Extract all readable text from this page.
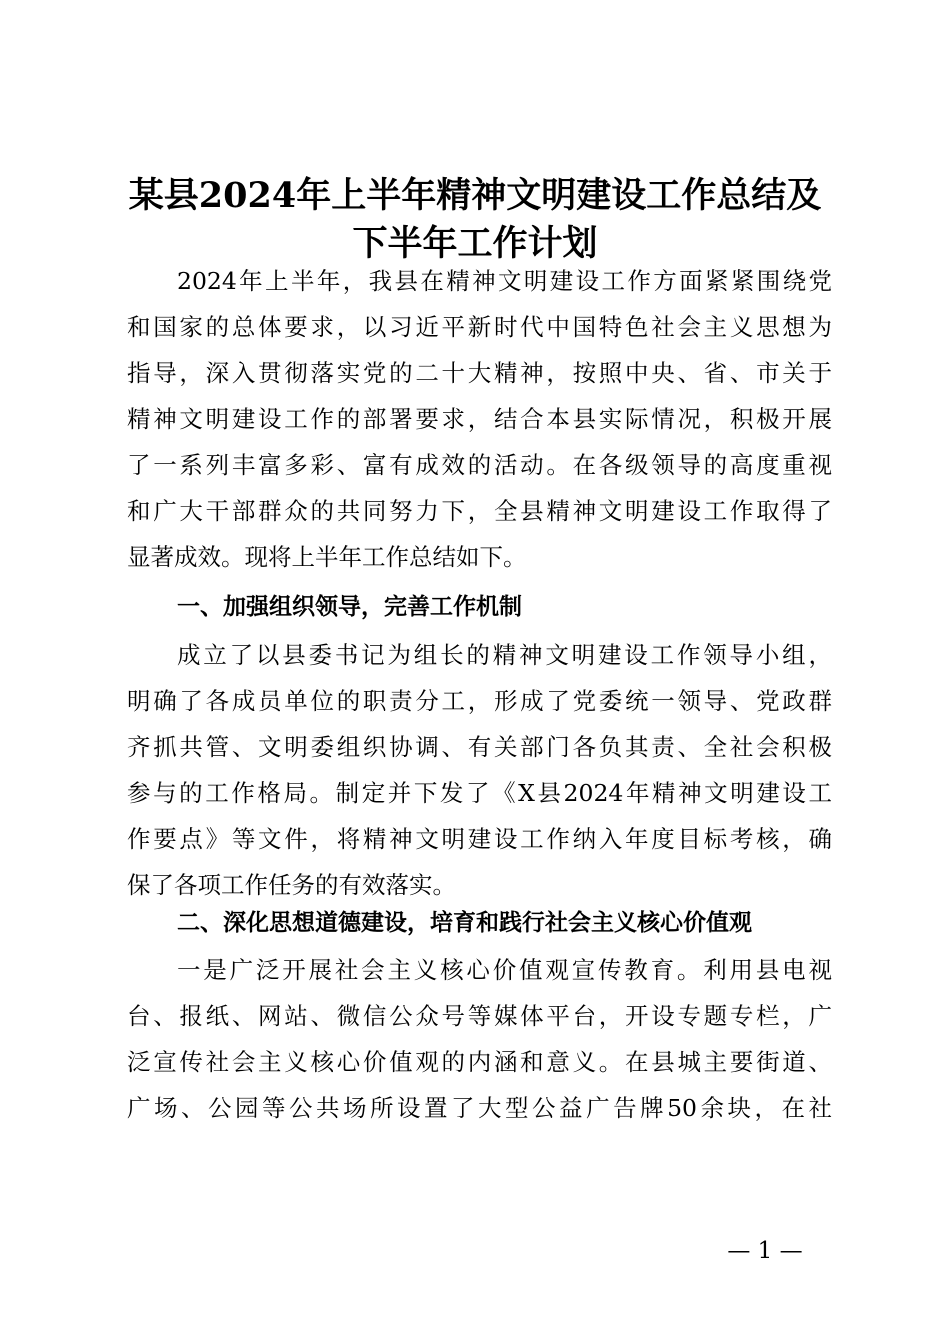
某县2024年上半年精神文明建设工作总结及
下半年工作计划
2024年上半年，我县在精神文明建设工作方面紧紧围绕党
和国家的总体要求，以习近平新时代中国特色社会主义思想为
指导，深入贯彻落实党的二十大精神，按照中央、省、市关于
精神文明建设工作的部署要求，结合本县实际情况，积极开展
了一系列丰富多彩、富有成效的活动。在各级领导的高度重视
和广大干部群众的共同努力下，全县精神文明建设工作取得了
显著成效。现将上半年工作总结如下。
一、加强组织领导，完善工作机制
成立了以县委书记为组长的精神文明建设工作领导小组，
明确了各成员单位的职责分工，形成了党委统一领导、党政群
齐抓共管、文明委组织协调、有关部门各负其责、全社会积极
参与的工作格局。制定并下发了《X县2024年精神文明建设工
作要点》等文件，将精神文明建设工作纳入年度目标考核，确
保了各项工作任务的有效落实。
二、深化思想道德建设，培育和践行社会主义核心价值观
一是广泛开展社会主义核心价值观宣传教育。利用县电视
台、报纸、网站、微信公众号等媒体平台，开设专题专栏，广
泛宣传社会主义核心价值观的内涵和意义。在县城主要街道、
广场、公园等公共场所设置了大型公益广告牌50余块，在社
— 1 —
